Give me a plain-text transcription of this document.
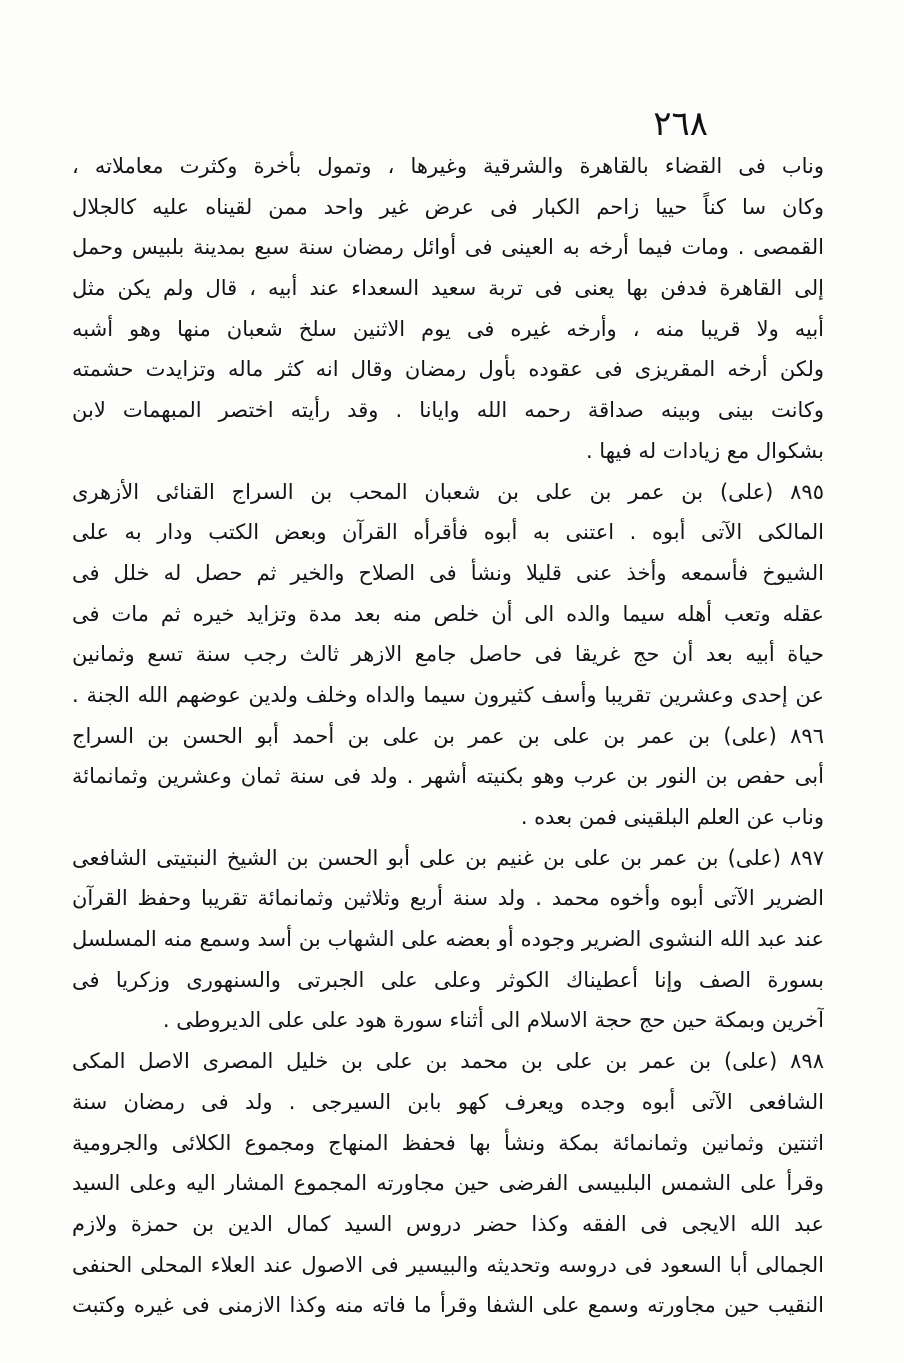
٢٦٨
وناب فى القضاء بالقاهرة والشرقية وغيرها ، وتمول بأخرة وكثرت معاملاته ،
وكان سا كناً حييا زاحم الكبار فى عرض غير واحد ممن لقيناه عليه كالجلال
القمصى . ومات فيما أرخه به العينى فى أوائل رمضان سنة سبع بمدينة بلبيس وحمل
إلى القاهرة فدفن بها يعنى فى تربة سعيد السعداء عند أبيه ، قال ولم يكن مثل
أبيه ولا قريبا منه ، وأرخه غيره فى يوم الاثنين سلخ شعبان منها وهو أشبه
ولكن أرخه المقريزى فى عقوده بأول رمضان وقال انه كثر ماله وتزايدت حشمته
وكانت بينى وبينه صداقة رحمه الله وايانا . وقد رأيته اختصر المبهمات لابن
بشكوال مع زيادات له فيها .
٨٩٥ (على) بن عمر بن على بن شعبان المحب بن السراج القنائى الأزهرى
المالكى الآتى أبوه . اعتنى به أبوه فأقرأه القرآن وبعض الكتب ودار به على
الشيوخ فأسمعه وأخذ عنى قليلا ونشأ فى الصلاح والخير ثم حصل له خلل فى
عقله وتعب أهله سيما والده الى أن خلص منه بعد مدة وتزايد خيره ثم مات فى
حياة أبيه بعد أن حج غريقا فى حاصل جامع الازهر ثالث رجب سنة تسع وثمانين
عن إحدى وعشرين تقريبا وأسف كثيرون سيما والداه وخلف ولدين عوضهم الله الجنة .
٨٩٦ (على) بن عمر بن على بن عمر بن على بن أحمد أبو الحسن بن السراج
أبى حفص بن النور بن عرب وهو بكنيته أشهر . ولد فى سنة ثمان وعشرين وثمانمائة
وناب عن العلم البلقينى فمن بعده .
٨٩٧ (على) بن عمر بن على بن غنيم بن على أبو الحسن بن الشيخ النبتيتى الشافعى
الضرير الآتى أبوه وأخوه محمد . ولد سنة أربع وثلاثين وثمانمائة تقريبا وحفظ القرآن
عند عبد الله النشوى الضرير وجوده أو بعضه على الشهاب بن أسد وسمع منه المسلسل
بسورة الصف وإنا أعطيناك الكوثر وعلى على الجبرتى والسنهورى وزكريا فى
آخرين وبمكة حين حج حجة الاسلام الى أثناء سورة هود على على الديروطى .
٨٩٨ (على) بن عمر بن على بن محمد بن على بن خليل المصرى الاصل المكى
الشافعى الآتى أبوه وجده ويعرف كهو بابن السيرجى . ولد فى رمضان سنة
اثنتين وثمانين وثمانمائة بمكة ونشأ بها فحفظ المنهاج ومجموع الكلائى والجرومية
وقرأ على الشمس البلبيسى الفرضى حين مجاورته المجموع المشار اليه وعلى السيد
عبد الله الايجى فى الفقه وكذا حضر دروس السيد كمال الدين بن حمزة ولازم
الجمالى أبا السعود فى دروسه وتحديثه والبيسير فى الاصول عند العلاء المحلى الحنفى
النقيب حين مجاورته وسمع على الشفا وقرأ ما فاته منه وكذا الازمنى فى غيره وكتبت
